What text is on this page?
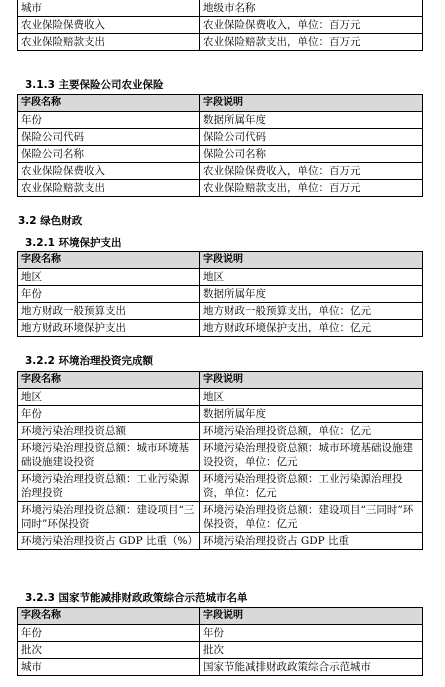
城市	地级市名称
农业保险保费收入	农业保险保费收入，单位：百万元
农业保险赔款支出	农业保险赔款支出，单位：百万元
3.1.3 主要保险公司农业保险
字段名称	字段说明
年份	数据所属年度
保险公司代码	保险公司代码
保险公司名称	保险公司名称
农业保险保费收入	农业保险保费收入，单位：百万元
农业保险赔款支出	农业保险赔款支出，单位：百万元
3.2 绿色财政
3.2.1 环境保护支出
字段名称	字段说明
地区	地区
年份	数据所属年度
地方财政一般预算支出	地方财政一般预算支出，单位：亿元
地方财政环境保护支出	地方财政环境保护支出，单位：亿元
3.2.2 环境治理投资完成额
字段名称	字段说明
地区	地区
年份	数据所属年度
环境污染治理投资总额	环境污染治理投资总额，单位：亿元
环境污染治理投资总额：城市环境基础设施建设投资	环境污染治理投资总额：城市环境基础设施建设投资，单位：亿元
环境污染治理投资总额：工业污染源治理投资	环境污染治理投资总额：工业污染源治理投资，单位：亿元
环境污染治理投资总额：建设项目“三同时”环保投资	环境污染治理投资总额：建设项目“三同时”环保投资，单位：亿元
环境污染治理投资占 GDP 比重（%）	环境污染治理投资占 GDP 比重
3.2.3 国家节能减排财政政策综合示范城市名单
字段名称	字段说明
年份	年份
批次	批次
城市	国家节能减排财政政策综合示范城市
